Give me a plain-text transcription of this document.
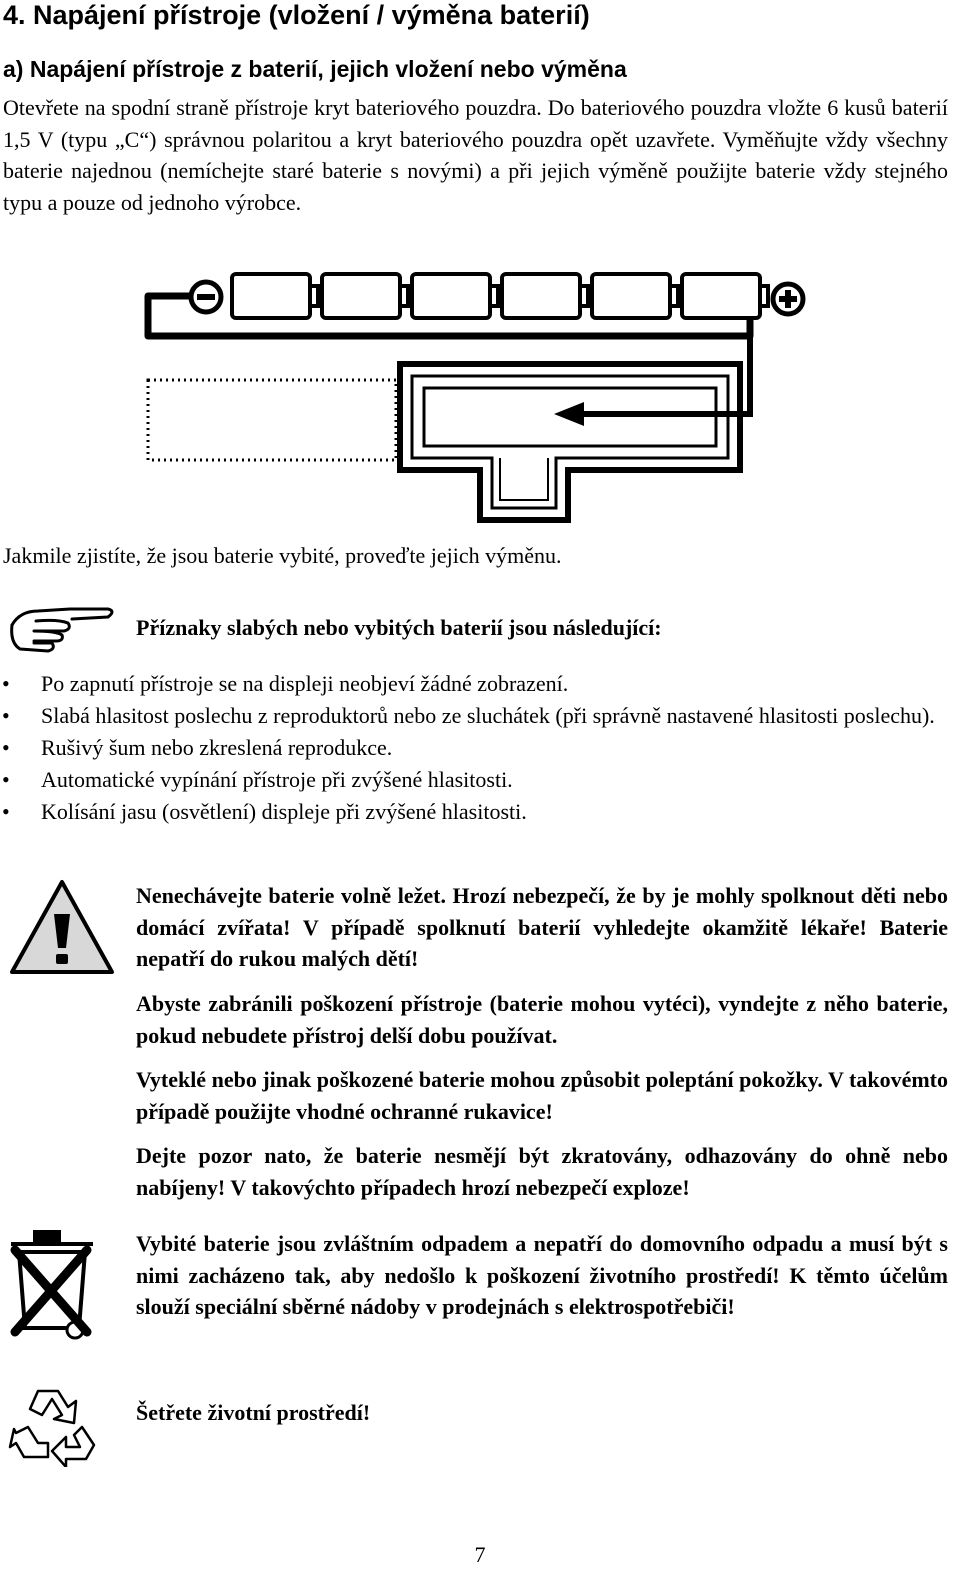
4. Napájení přístroje (vložení / výměna baterií)
a) Napájení přístroje z baterií, jejich vložení nebo výměna
Otevřete na spodní straně přístroje kryt bateriového pouzdra. Do bateriového pouzdra vložte 6 kusů baterií 1,5 V (typu „C“) správnou polaritou a kryt bateriového pouzdra opět uzavřete. Vyměňujte vždy všechny baterie najednou (nemíchejte staré baterie s novými) a při jejich výměně použijte baterie vždy stejného typu a pouze od jednoho výrobce.
Jakmile zjistíte, že jsou baterie vybité, proveďte jejich výměnu.
Příznaky slabých nebo vybitých baterií jsou následující:
• Po zapnutí přístroje se na displeji neobjeví žádné zobrazení.
• Slabá hlasitost poslechu z reproduktorů nebo ze sluchátek (při správně nastavené hlasitosti poslechu).
• Rušivý šum nebo zkreslená reprodukce.
• Automatické vypínání přístroje při zvýšené hlasitosti.
• Kolísání jasu (osvětlení) displeje při zvýšené hlasitosti.
Nenechávejte baterie volně ležet. Hrozí nebezpečí, že by je mohly spolknout děti nebo domácí zvířata! V případě spolknutí baterií vyhledejte okamžitě lékaře! Baterie nepatří do rukou malých dětí!
Abyste zabránili poškození přístroje (baterie mohou vytéci), vyndejte z něho baterie, pokud nebudete přístroj delší dobu používat.
Vyteklé nebo jinak poškozené baterie mohou způsobit poleptání pokožky. V takovémto případě použijte vhodné ochranné rukavice!
Dejte pozor nato, že baterie nesmějí být zkratovány, odhazovány do ohně nebo nabíjeny! V takovýchto případech hrozí nebezpečí exploze!
Vybité baterie jsou zvláštním odpadem a nepatří do domovního odpadu a musí být s nimi zacházeno tak, aby nedošlo k poškození životního prostředí! K těmto účelům slouží speciální sběrné nádoby v prodejnách s elektrospotřebiči!
Šetřete životní prostředí!
7
